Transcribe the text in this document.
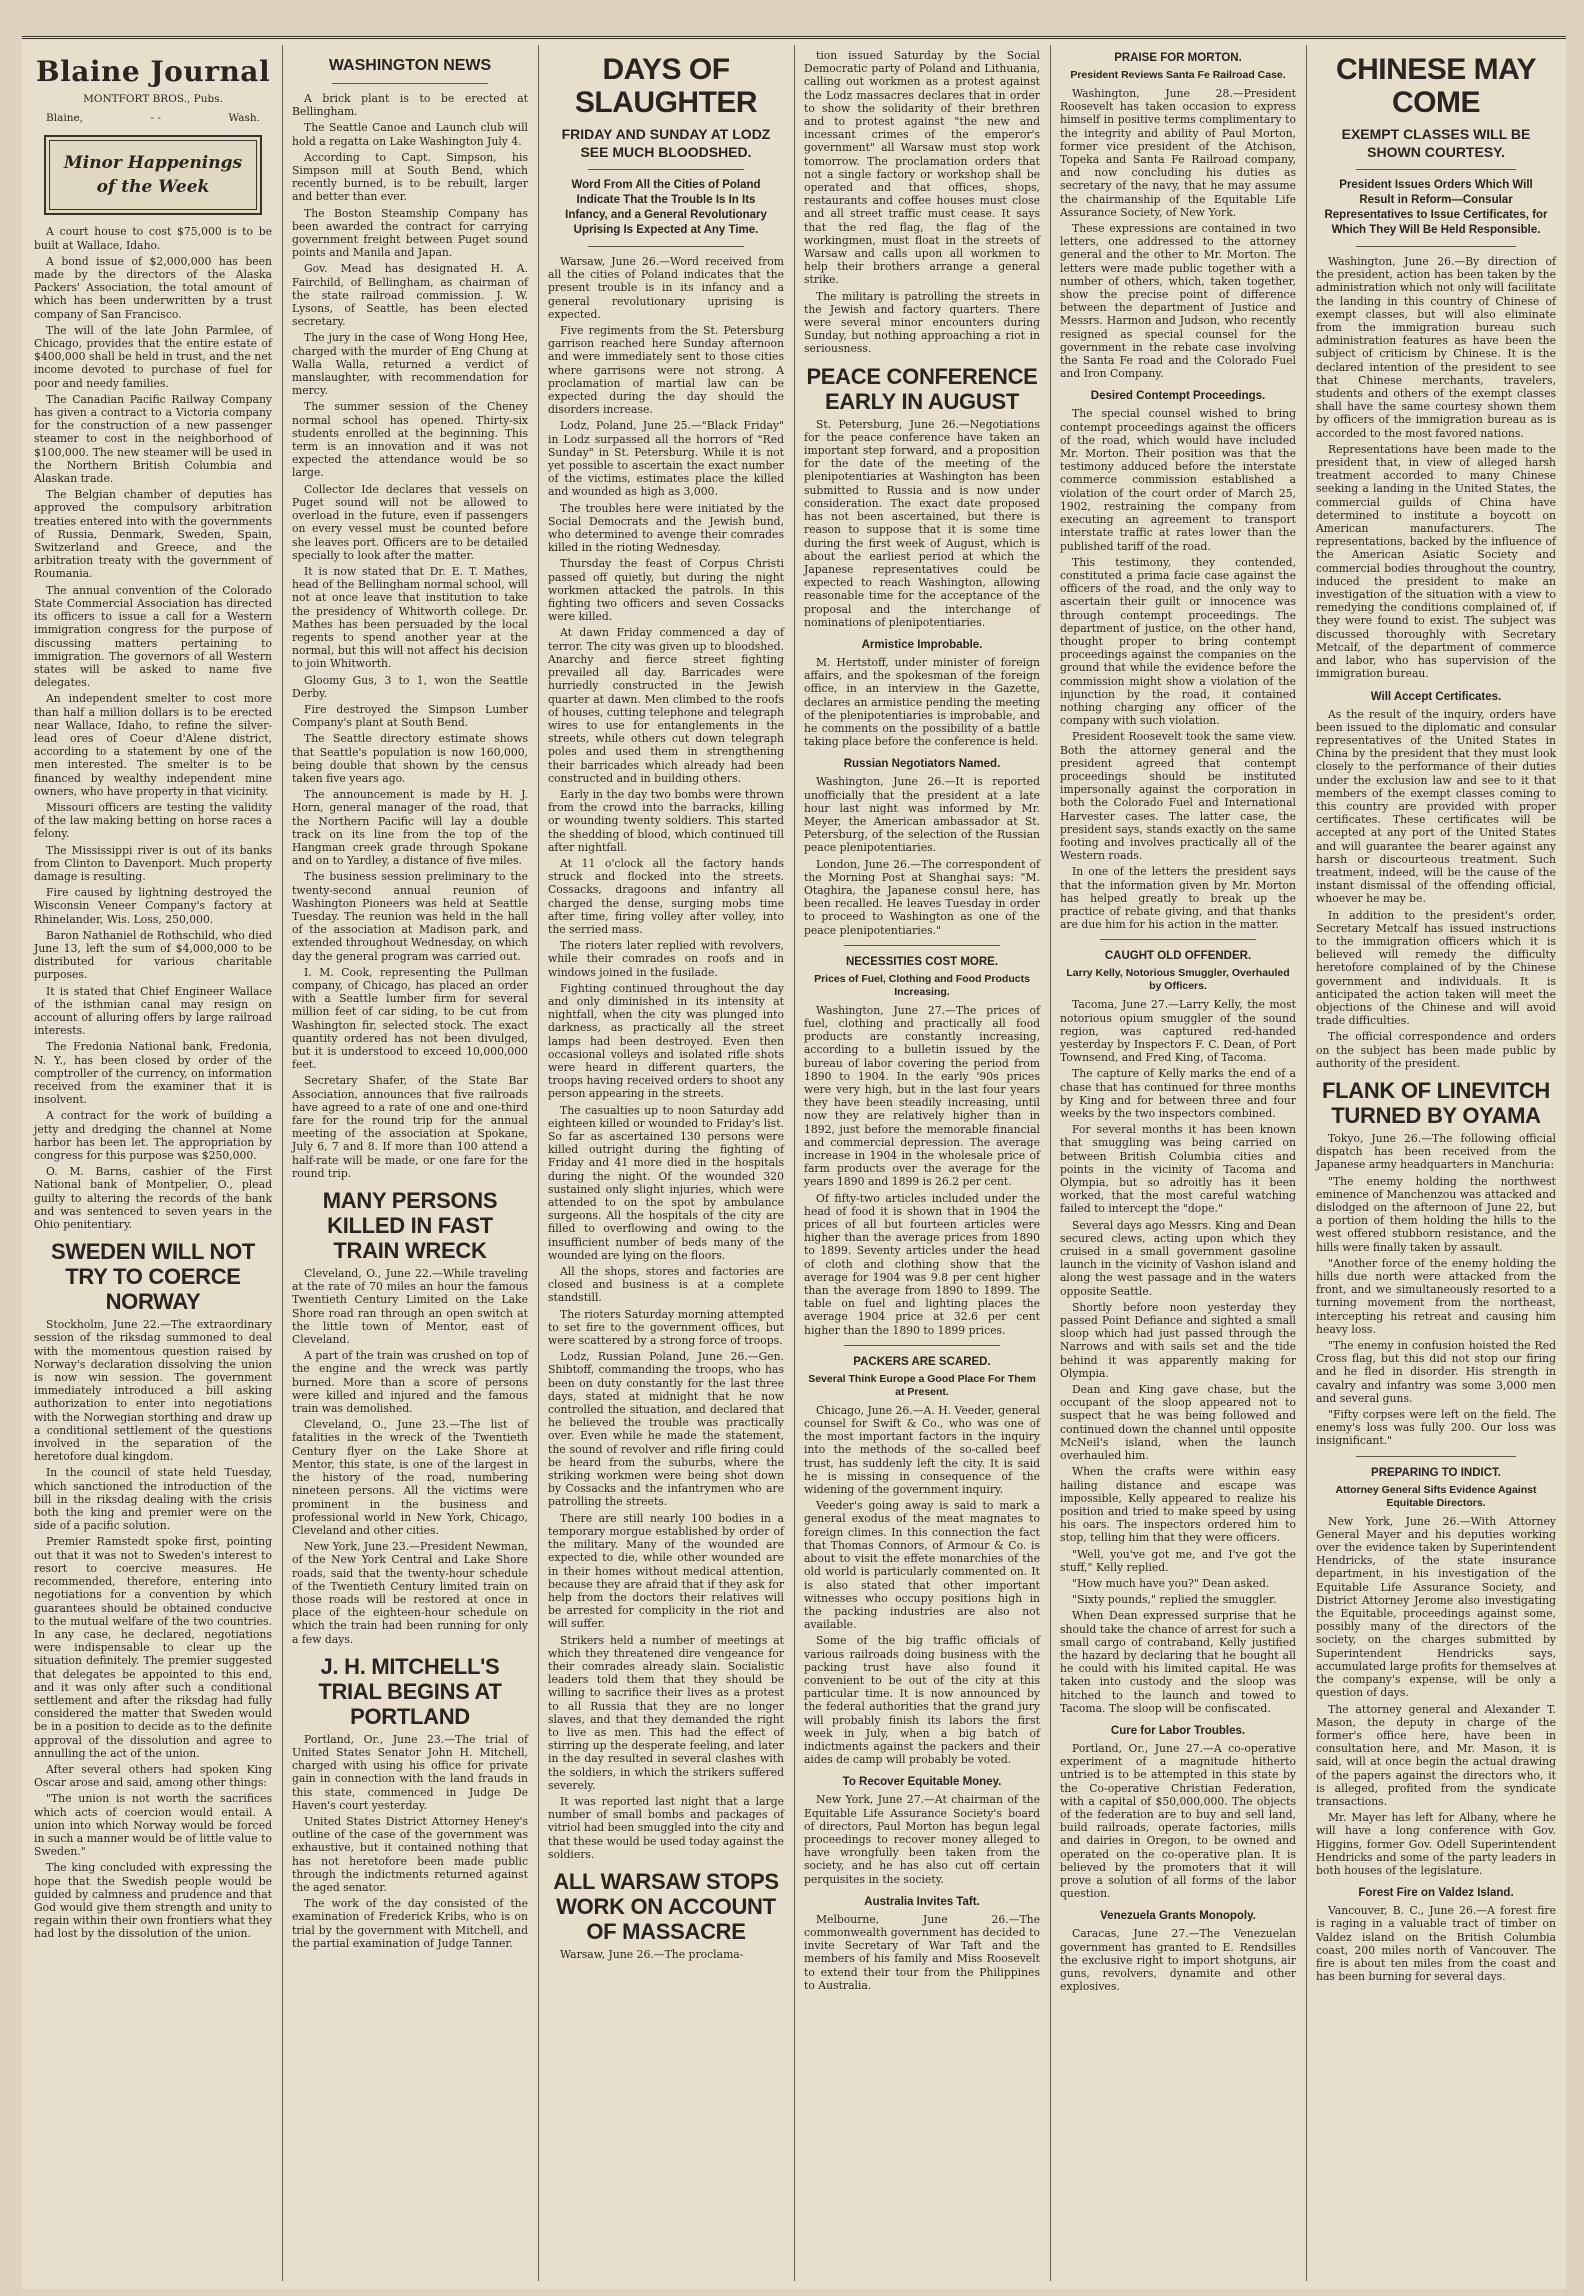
Blaine Journal
MONTFORT BROS., Pubs.
Blaine,	- -	Wash.
Minor Happenings of the Week

A court house to cost $75,000 is to be built at Wallace, Idaho.

A bond issue of $2,000,000 has been made by the directors of the Alaska Packers' Association, the total amount of which has been underwritten by a trust company of San Francisco.

The will of the late John Parmlee, of Chicago, provides that the entire estate of $400,000 shall be held in trust, and the net income devoted to purchase of fuel for poor and needy families.

The Canadian Pacific Railway Company has given a contract to a Victoria company for the construction of a new passenger steamer to cost in the neighborhood of $100,000. The new steamer will be used in the Northern British Columbia and Alaskan trade.

The Belgian chamber of deputies has approved the compulsory arbitration treaties entered into with the governments of Russia, Denmark, Sweden, Spain, Switzerland and Greece, and the arbitration treaty with the government of Roumania.

The annual convention of the Colorado State Commercial Association has directed its officers to issue a call for a Western immigration congress for the purpose of discussing matters pertaining to immigration. The governors of all Western states will be asked to name five delegates.

An independent smelter to cost more than half a million dollars is to be erected near Wallace, Idaho, to refine the silver-lead ores of Coeur d'Alene district, according to a statement by one of the men interested. The smelter is to be financed by wealthy independent mine owners, who have property in that vicinity.

Missouri officers are testing the validity of the law making betting on horse races a felony.

The Mississippi river is out of its banks from Clinton to Davenport. Much property damage is resulting.

Fire caused by lightning destroyed the Wisconsin Veneer Company's factory at Rhinelander, Wis. Loss, 250,000.

Baron Nathaniel de Rothschild, who died June 13, left the sum of $4,000,000 to be distributed for various charitable purposes.

It is stated that Chief Engineer Wallace of the isthmian canal may resign on account of alluring offers by large railroad interests.

The Fredonia National bank, Fredonia, N. Y., has been closed by order of the comptroller of the currency, on information received from the examiner that it is insolvent.

A contract for the work of building a jetty and dredging the channel at Nome harbor has been let. The appropriation by congress for this purpose was $250,000.

O. M. Barns, cashier of the First National bank of Montpelier, O., plead guilty to altering the records of the bank and was sentenced to seven years in the Ohio penitentiary.

SWEDEN WILL NOT TRY TO COERCE NORWAY

Stockholm, June 22.—The extraordinary session of the riksdag summoned to deal with the momentous question raised by Norway's declaration dissolving the union is now win session. The government immediately introduced a bill asking authorization to enter into negotiations with the Norwegian storthing and draw up a conditional settlement of the questions involved in the separation of the heretofore dual kingdom.

In the council of state held Tuesday, which sanctioned the introduction of the bill in the riksdag dealing with the crisis both the king and premier were on the side of a pacific solution.

Premier Ramstedt spoke first, pointing out that it was not to Sweden's interest to resort to coercive measures. He recommended, therefore, entering into negotiations for a convention by which guarantees should be obtained conducive to the mutual welfare of the two countries. In any case, he declared, negotiations were indispensable to clear up the situation definitely. The premier suggested that delegates be appointed to this end, and it was only after such a conditional settlement and after the riksdag had fully considered the matter that Sweden would be in a position to decide as to the definite approval of the dissolution and agree to annulling the act of the union.

After several others had spoken King Oscar arose and said, among other things:

"The union is not worth the sacrifices which acts of coercion would entail. A union into which Norway would be forced in such a manner would be of little value to Sweden."

The king concluded with expressing the hope that the Swedish people would be guided by calmness and prudence and that God would give them strength and unity to regain within their own frontiers what they had lost by the dissolution of the union.

WASHINGTON NEWS

A brick plant is to be erected at Bellingham.

The Seattle Canoe and Launch club will hold a regatta on Lake Washington July 4.

According to Capt. Simpson, his Simpson mill at South Bend, which recently burned, is to be rebuilt, larger and better than ever.

The Boston Steamship Company has been awarded the contract for carrying government freight between Puget sound points and Manila and Japan.

Gov. Mead has designated H. A. Fairchild, of Bellingham, as chairman of the state railroad commission. J. W. Lysons, of Seattle, has been elected secretary.

The jury in the case of Wong Hong Hee, charged with the murder of Eng Chung at Walla Walla, returned a verdict of manslaughter, with recommendation for mercy.

The summer session of the Cheney normal school has opened. Thirty-six students enrolled at the beginning. This term is an innovation and it was not expected the attendance would be so large.

Collector Ide declares that vessels on Puget sound will not be allowed to overload in the future, even if passengers on every vessel must be counted before she leaves port. Officers are to be detailed specially to look after the matter.

It is now stated that Dr. E. T. Mathes, head of the Bellingham normal school, will not at once leave that institution to take the presidency of Whitworth college. Dr. Mathes has been persuaded by the local regents to spend another year at the normal, but this will not affect his decision to join Whitworth.

Gloomy Gus, 3 to 1, won the Seattle Derby.

Fire destroyed the Simpson Lumber Company's plant at South Bend.

The Seattle directory estimate shows that Seattle's population is now 160,000, being double that shown by the census taken five years ago.

The announcement is made by H. J. Horn, general manager of the road, that the Northern Pacific will lay a double track on its line from the top of the Hangman creek grade through Spokane and on to Yardley, a distance of five miles.

The business session preliminary to the twenty-second annual reunion of Washington Pioneers was held at Seattle Tuesday. The reunion was held in the hall of the association at Madison park, and extended throughout Wednesday, on which day the general program was carried out.

I. M. Cook, representing the Pullman company, of Chicago, has placed an order with a Seattle lumber firm for several million feet of car siding, to be cut from Washington fir, selected stock. The exact quantity ordered has not been divulged, but it is understood to exceed 10,000,000 feet.

Secretary Shafer, of the State Bar Association, announces that five railroads have agreed to a rate of one and one-third fare for the round trip for the annual meeting of the association at Spokane, July 6, 7 and 8. If more than 100 attend a half-rate will be made, or one fare for the round trip.

MANY PERSONS KILLED IN FAST TRAIN WRECK

Cleveland, O., June 22.—While traveling at the rate of 70 miles an hour the famous Twentieth Century Limited on the Lake Shore road ran through an open switch at the little town of Mentor, east of Cleveland.

A part of the train was crushed on top of the engine and the wreck was partly burned. More than a score of persons were killed and injured and the famous train was demolished.

Cleveland, O., June 23.—The list of fatalities in the wreck of the Twentieth Century flyer on the Lake Shore at Mentor, this state, is one of the largest in the history of the road, numbering nineteen persons. All the victims were prominent in the business and professional world in New York, Chicago, Cleveland and other cities.

New York, June 23.—President Newman, of the New York Central and Lake Shore roads, said that the twenty-hour schedule of the Twentieth Century limited train on those roads will be restored at once in place of the eighteen-hour schedule on which the train had been running for only a few days.

J. H. MITCHELL'S TRIAL BEGINS AT PORTLAND

Portland, Or., June 23.—The trial of United States Senator John H. Mitchell, charged with using his office for private gain in connection with the land frauds in this state, commenced in Judge De Haven's court yesterday.

United States District Attorney Heney's outline of the case of the government was exhaustive, but it contained nothing that has not heretofore been made public through the indictments returned against the aged senator.

The work of the day consisted of the examination of Frederick Kribs, who is on trial by the government with Mitchell, and the partial examination of Judge Tanner.

DAYS OF SLAUGHTER
FRIDAY AND SUNDAY AT LODZ SEE MUCH BLOODSHED.
Word From All the Cities of Poland Indicate That the Trouble Is In Its Infancy, and a General Revolutionary Uprising Is Expected at Any Time.

Warsaw, June 26.—Word received from all the cities of Poland indicates that the present trouble is in its infancy and a general revolutionary uprising is expected.

Five regiments from the St. Petersburg garrison reached here Sunday afternoon and were immediately sent to those cities where garrisons were not strong. A proclamation of martial law can be expected during the day should the disorders increase.

Lodz, Poland, June 25.—"Black Friday" in Lodz surpassed all the horrors of "Red Sunday" in St. Petersburg. While it is not yet possible to ascertain the exact number of the victims, estimates place the killed and wounded as high as 3,000.

The troubles here were initiated by the Social Democrats and the Jewish bund, who determined to avenge their comrades killed in the rioting Wednesday.

Thursday the feast of Corpus Christi passed off quietly, but during the night workmen attacked the patrols. In this fighting two officers and seven Cossacks were killed.

At dawn Friday commenced a day of terror. The city was given up to bloodshed. Anarchy and fierce street fighting prevailed all day. Barricades were hurriedly constructed in the Jewish quarter at dawn. Men climbed to the roofs of houses, cutting telephone and telegraph wires to use for entanglements in the streets, while others cut down telegraph poles and used them in strengthening their barricades which already had been constructed and in building others.

Early in the day two bombs were thrown from the crowd into the barracks, killing or wounding twenty soldiers. This started the shedding of blood, which continued till after nightfall.

At 11 o'clock all the factory hands struck and flocked into the streets. Cossacks, dragoons and infantry all charged the dense, surging mobs time after time, firing volley after volley, into the serried mass.

The rioters later replied with revolvers, while their comrades on roofs and in windows joined in the fusilade.

Fighting continued throughout the day and only diminished in its intensity at nightfall, when the city was plunged into darkness, as practically all the street lamps had been destroyed. Even then occasional volleys and isolated rifle shots were heard in different quarters, the troops having received orders to shoot any person appearing in the streets.

The casualties up to noon Saturday add eighteen killed or wounded to Friday's list. So far as ascertained 130 persons were killed outright during the fighting of Friday and 41 more died in the hospitals during the night. Of the wounded 320 sustained only slight injuries, which were attended to on the spot by ambulance surgeons. All the hospitals of the city are filled to overflowing and owing to the insufficient number of beds many of the wounded are lying on the floors.

All the shops, stores and factories are closed and business is at a complete standstill.

The rioters Saturday morning attempted to set fire to the government offices, but were scattered by a strong force of troops.

Lodz, Russian Poland, June 26.—Gen. Shibtoff, commanding the troops, who has been on duty constantly for the last three days, stated at midnight that he now controlled the situation, and declared that he believed the trouble was practically over. Even while he made the statement, the sound of revolver and rifle firing could be heard from the suburbs, where the striking workmen were being shot down by Cossacks and the infantrymen who are patrolling the streets.

There are still nearly 100 bodies in a temporary morgue established by order of the military. Many of the wounded are expected to die, while other wounded are in their homes without medical attention, because they are afraid that if they ask for help from the doctors their relatives will be arrested for complicity in the riot and will suffer.

Strikers held a number of meetings at which they threatened dire vengeance for their comrades already slain. Socialistic leaders told them that they should be willing to sacrifice their lives as a protest to all Russia that they are no longer slaves, and that they demanded the right to live as men. This had the effect of stirring up the desperate feeling, and later in the day resulted in several clashes with the soldiers, in which the strikers suffered severely.

It was reported last night that a large number of small bombs and packages of vitriol had been smuggled into the city and that these would be used today against the soldiers.

ALL WARSAW STOPS WORK ON ACCOUNT OF MASSACRE

Warsaw, June 26.—The proclama-

tion issued Saturday by the Social Democratic party of Poland and Lithuania, calling out workmen as a protest against the Lodz massacres declares that in order to show the solidarity of their brethren and to protest against "the new and incessant crimes of the emperor's government" all Warsaw must stop work tomorrow. The proclamation orders that not a single factory or workshop shall be operated and that offices, shops, restaurants and coffee houses must close and all street traffic must cease. It says that the red flag, the flag of the workingmen, must float in the streets of Warsaw and calls upon all workmen to help their brothers arrange a general strike.

The military is patrolling the streets in the Jewish and factory quarters. There were several minor encounters during Sunday, but nothing approaching a riot in seriousness.

PEACE CONFERENCE EARLY IN AUGUST

St. Petersburg, June 26.—Negotiations for the peace conference have taken an important step forward, and a proposition for the date of the meeting of the plenipotentiaries at Washington has been submitted to Russia and is now under consideration. The exact date proposed has not been ascertained, but there is reason to suppose that it is some time during the first week of August, which is about the earliest period at which the Japanese representatives could be expected to reach Washington, allowing reasonable time for the acceptance of the proposal and the interchange of nominations of plenipotentiaries.

Armistice Improbable.

M. Hertstoff, under minister of foreign affairs, and the spokesman of the foreign office, in an interview in the Gazette, declares an armistice pending the meeting of the plenipotentiaries is improbable, and he comments on the possibility of a battle taking place before the conference is held.

Russian Negotiators Named.

Washington, June 26.—It is reported unofficially that the president at a late hour last night was informed by Mr. Meyer, the American ambassador at St. Petersburg, of the selection of the Russian peace plenipotentiaries.

London, June 26.—The correspondent of the Morning Post at Shanghai says: "M. Otaghira, the Japanese consul here, has been recalled. He leaves Tuesday in order to proceed to Washington as one of the peace plenipotentiaries."

NECESSITIES COST MORE.
Prices of Fuel, Clothing and Food Products Increasing.

Washington, June 27.—The prices of fuel, clothing and practically all food products are constantly increasing, according to a bulletin issued by the bureau of labor covering the period from 1890 to 1904. In the early '90s prices were very high, but in the last four years they have been steadily increasing, until now they are relatively higher than in 1892, just before the memorable financial and commercial depression. The average increase in 1904 in the wholesale price of farm products over the average for the years 1890 and 1899 is 26.2 per cent.

Of fifty-two articles included under the head of food it is shown that in 1904 the prices of all but fourteen articles were higher than the average prices from 1890 to 1899. Seventy articles under the head of cloth and clothing show that the average for 1904 was 9.8 per cent higher than the average from 1890 to 1899. The table on fuel and lighting places the average 1904 price at 32.6 per cent higher than the 1890 to 1899 prices.

PACKERS ARE SCARED.
Several Think Europe a Good Place For Them at Present.

Chicago, June 26.—A. H. Veeder, general counsel for Swift & Co., who was one of the most important factors in the inquiry into the methods of the so-called beef trust, has suddenly left the city. It is said he is missing in consequence of the widening of the government inquiry.

Veeder's going away is said to mark a general exodus of the meat magnates to foreign climes. In this connection the fact that Thomas Connors, of Armour & Co. is about to visit the effete monarchies of the old world is particularly commented on. It is also stated that other important witnesses who occupy positions high in the packing industries are also not available.

Some of the big traffic officials of various railroads doing business with the packing trust have also found it convenient to be out of the city at this particular time. It is now announced by the federal authorities that the grand jury will probably finish its labors the first week in July, when a big batch of indictments against the packers and their aides de camp will probably be voted.

To Recover Equitable Money.

New York, June 27.—At chairman of the Equitable Life Assurance Society's board of directors, Paul Morton has begun legal proceedings to recover money alleged to have wrongfully been taken from the society, and he has also cut off certain perquisites in the society.

Australia Invites Taft.

Melbourne, June 26.—The commonwealth government has decided to invite Secretary of War Taft and the members of his family and Miss Roosevelt to extend their tour from the Philippines to Australia.

PRAISE FOR MORTON.
President Reviews Santa Fe Railroad Case.

Washington, June 28.—President Roosevelt has taken occasion to express himself in positive terms complimentary to the integrity and ability of Paul Morton, former vice president of the Atchison, Topeka and Santa Fe Railroad company, and now concluding his duties as secretary of the navy, that he may assume the chairmanship of the Equitable Life Assurance Society, of New York.

These expressions are contained in two letters, one addressed to the attorney general and the other to Mr. Morton. The letters were made public together with a number of others, which, taken together, show the precise point of difference between the department of Justice and Messrs. Harmon and Judson, who recently resigned as special counsel for the government in the rebate case involving the Santa Fe road and the Colorado Fuel and Iron Company.

Desired Contempt Proceedings.

The special counsel wished to bring contempt proceedings against the officers of the road, which would have included Mr. Morton. Their position was that the testimony adduced before the interstate commerce commission established a violation of the court order of March 25, 1902, restraining the company from executing an agreement to transport interstate traffic at rates lower than the published tariff of the road.

This testimony, they contended, constituted a prima facie case against the officers of the road, and the only way to ascertain their guilt or innocence was through contempt proceedings. The department of justice, on the other hand, thought proper to bring contempt proceedings against the companies on the ground that while the evidence before the commission might show a violation of the injunction by the road, it contained nothing charging any officer of the company with such violation.

President Roosevelt took the same view. Both the attorney general and the president agreed that contempt proceedings should be instituted impersonally against the corporation in both the Colorado Fuel and International Harvester cases. The latter case, the president says, stands exactly on the same footing and involves practically all of the Western roads.

In one of the letters the president says that the information given by Mr. Morton has helped greatly to break up the practice of rebate giving, and that thanks are due him for his action in the matter.

CAUGHT OLD OFFENDER.
Larry Kelly, Notorious Smuggler, Overhauled by Officers.

Tacoma, June 27.—Larry Kelly, the most notorious opium smuggler of the sound region, was captured red-handed yesterday by Inspectors F. C. Dean, of Port Townsend, and Fred King, of Tacoma.

The capture of Kelly marks the end of a chase that has continued for three months by King and for between three and four weeks by the two inspectors combined.

For several months it has been known that smuggling was being carried on between British Columbia cities and points in the vicinity of Tacoma and Olympia, but so adroitly has it been worked, that the most careful watching failed to intercept the "dope."

Several days ago Messrs. King and Dean secured clews, acting upon which they cruised in a small government gasoline launch in the vicinity of Vashon island and along the west passage and in the waters opposite Seattle.

Shortly before noon yesterday they passed Point Defiance and sighted a small sloop which had just passed through the Narrows and with sails set and the tide behind it was apparently making for Olympia.

Dean and King gave chase, but the occupant of the sloop appeared not to suspect that he was being followed and continued down the channel until opposite McNeil's island, when the launch overhauled him.

When the crafts were within easy hailing distance and escape was impossible, Kelly appeared to realize his position and tried to make speed by using his oars. The inspectors ordered him to stop, telling him that they were officers.

"Well, you've got me, and I've got the stuff," Kelly replied.

"How much have you?" Dean asked.

"Sixty pounds," replied the smuggler.

When Dean expressed surprise that he should take the chance of arrest for such a small cargo of contraband, Kelly justified the hazard by declaring that he bought all he could with his limited capital. He was taken into custody and the sloop was hitched to the launch and towed to Tacoma. The sloop will be confiscated.

Cure for Labor Troubles.

Portland, Or., June 27.—A co-operative experiment of a magnitude hitherto untried is to be attempted in this state by the Co-operative Christian Federation, with a capital of $50,000,000. The objects of the federation are to buy and sell land, build railroads, operate factories, mills and dairies in Oregon, to be owned and operated on the co-operative plan. It is believed by the promoters that it will prove a solution of all forms of the labor question.

Venezuela Grants Monopoly.

Caracas, June 27.—The Venezuelan government has granted to E. Rendsilles the exclusive right to import shotguns, air guns, revolvers, dynamite and other explosives.

CHINESE MAY COME
EXEMPT CLASSES WILL BE SHOWN COURTESY.
President Issues Orders Which Will Result in Reform—Consular Representatives to Issue Certificates, for Which They Will Be Held Responsible.

Washington, June 26.—By direction of the president, action has been taken by the administration which not only will facilitate the landing in this country of Chinese of exempt classes, but will also eliminate from the immigration bureau such administration features as have been the subject of criticism by Chinese. It is the declared intention of the president to see that Chinese merchants, travelers, students and others of the exempt classes shall have the same courtesy shown them by officers of the immigration bureau as is accorded to the most favored nations.

Representations have been made to the president that, in view of alleged harsh treatment accorded to many Chinese seeking a landing in the United States, the commercial guilds of China have determined to institute a boycott on American manufacturers. The representations, backed by the influence of the American Asiatic Society and commercial bodies throughout the country, induced the president to make an investigation of the situation with a view to remedying the conditions complained of, if they were found to exist. The subject was discussed thoroughly with Secretary Metcalf, of the department of commerce and labor, who has supervision of the immigration bureau.

Will Accept Certificates.

As the result of the inquiry, orders have been issued to the diplomatic and consular representatives of the United States in China by the president that they must look closely to the performance of their duties under the exclusion law and see to it that members of the exempt classes coming to this country are provided with proper certificates. These certificates will be accepted at any port of the United States and will guarantee the bearer against any harsh or discourteous treatment. Such treatment, indeed, will be the cause of the instant dismissal of the offending official, whoever he may be.

In addition to the president's order, Secretary Metcalf has issued instructions to the immigration officers which it is believed will remedy the difficulty heretofore complained of by the Chinese government and individuals. It is anticipated the action taken will meet the objections of the Chinese and will avoid trade difficulties.

The official correspondence and orders on the subject has been made public by authority of the president.

FLANK OF LINEVITCH TURNED BY OYAMA

Tokyo, June 26.—The following official dispatch has been received from the Japanese army headquarters in Manchuria:

"The enemy holding the northwest eminence of Manchenzou was attacked and dislodged on the afternoon of June 22, but a portion of them holding the hills to the west offered stubborn resistance, and the hills were finally taken by assault.

"Another force of the enemy holding the hills due north were attacked from the front, and we simultaneously resorted to a turning movement from the northeast, intercepting his retreat and causing him heavy loss.

"The enemy in confusion hoisted the Red Cross flag, but this did not stop our firing and he fled in disorder. His strength in cavalry and infantry was some 3,000 men and several guns.

"Fifty corpses were left on the field. The enemy's loss was fully 200. Our loss was insignificant."

PREPARING TO INDICT.
Attorney General Sifts Evidence Against Equitable Directors.

New York, June 26.—With Attorney General Mayer and his deputies working over the evidence taken by Superintendent Hendricks, of the state insurance department, in his investigation of the Equitable Life Assurance Society, and District Attorney Jerome also investigating the Equitable, proceedings against some, possibly many of the directors of the society, on the charges submitted by Superintendent Hendricks says, accumulated large profits for themselves at the company's expense, will be only a question of days.

The attorney general and Alexander T. Mason, the deputy in charge of the former's office here, have been in consultation here, and Mr. Mason, it is said, will at once begin the actual drawing of the papers against the directors who, it is alleged, profited from the syndicate transactions.

Mr. Mayer has left for Albany, where he will have a long conference with Gov. Higgins, former Gov. Odell Superintendent Hendricks and some of the party leaders in both houses of the legislature.

Forest Fire on Valdez Island.

Vancouver, B. C., June 26.—A forest fire is raging in a valuable tract of timber on Valdez island on the British Columbia coast, 200 miles north of Vancouver. The fire is about ten miles from the coast and has been burning for several days.
